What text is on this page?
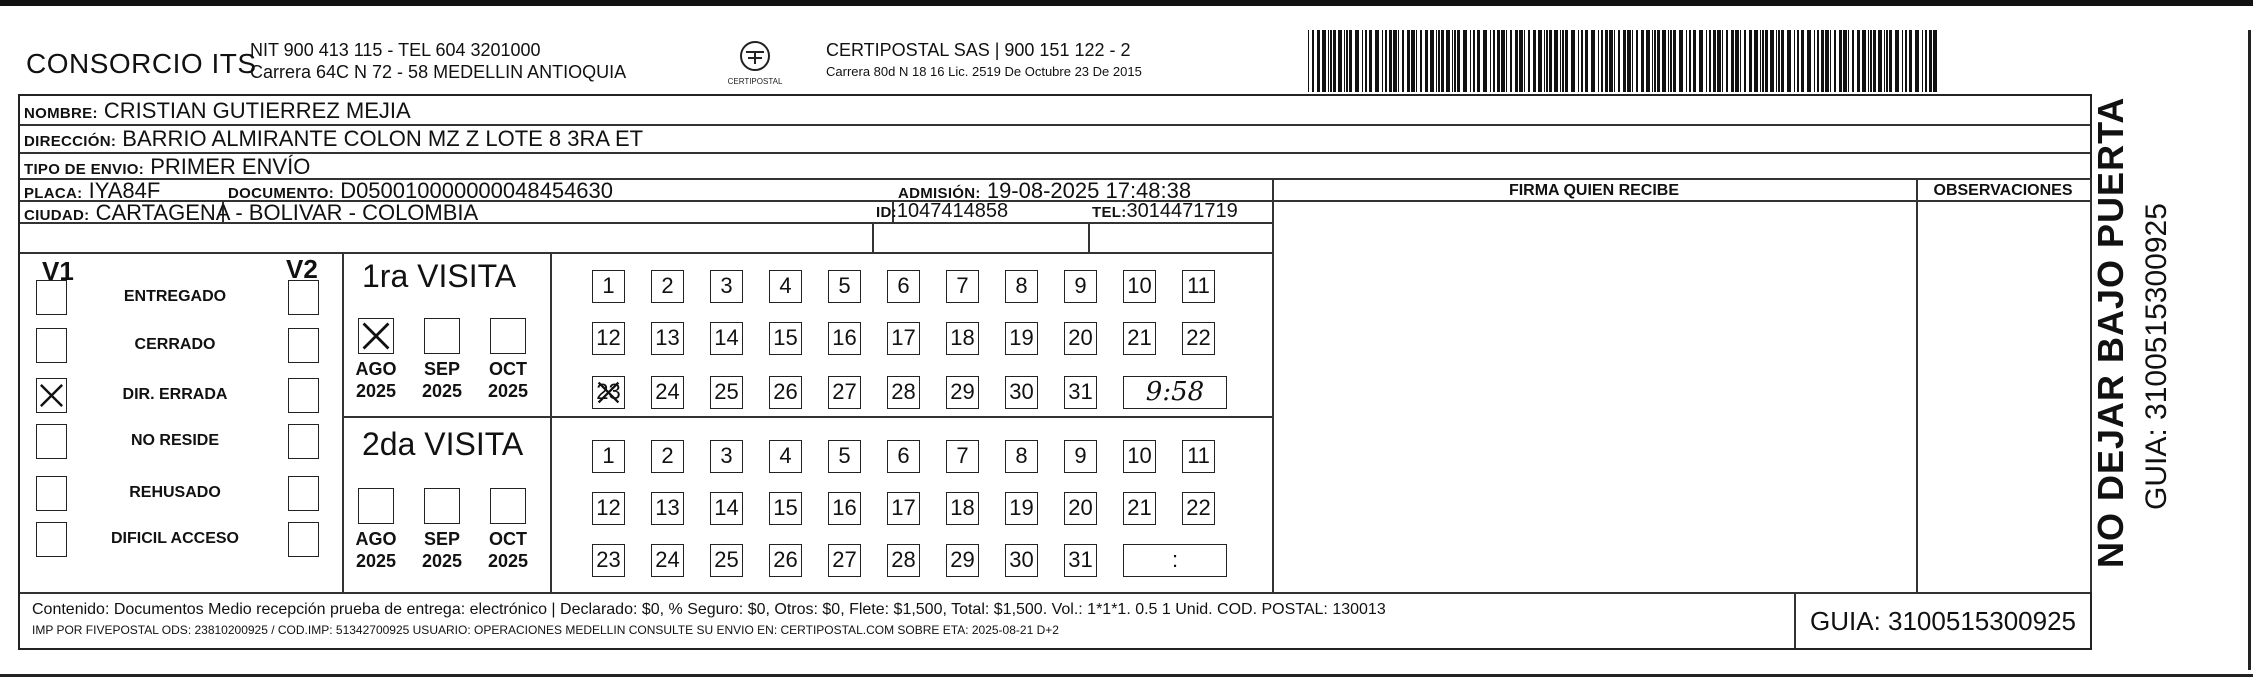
CONSORCIO ITS
NIT 900 413 115 - TEL 604 3201000
Carrera 64C N 72 - 58 MEDELLIN ANTIOQUIA	CERTIPOSTAL
CERTIPOSTAL SAS | 900 151 122 - 2
Carrera 80d N 18 16 Lic. 2519 De Octubre 23 De 2015
NOMBRE: CRISTIAN GUTIERREZ MEJIA
DIRECCIÓN: BARRIO ALMIRANTE COLON MZ Z LOTE 8 3RA ET
TIPO DE ENVIO: PRIMER ENVÍO
PLACA: IYA84F	DOCUMENTO: D050010000000048454630	ADMISIÓN: 19-08-2025 17:48:38
CIUDAD: CARTAGENA - BOLIVAR - COLOMBIA	ID:1047414858	TEL:3014471719
FIRMA QUIEN RECIBE	OBSERVACIONES
V1	V2
ENTREGADO
CERRADO
DIR. ERRADA
NO RESIDE
REHUSADO
DIFICIL ACCESO
1ra VISITA
AGO
2025
SEP
2025
OCT
2025
1	2	3	4	5	6	7	8	9	10 11
12 13 14 15 16 17 18 19 20 21 22
23 24 25 26 27 28 29 30 31	9:58
2da VISITA
AGO
2025
SEP
2025
OCT
2025
1	2	3	4	5	6	7	8	9	10 11
12 13 14 15 16 17 18 19 20 21 22
23 24 25 26 27 28 29 30 31	:
Contenido: Documentos Medio recepción prueba de entrega: electrónico | Declarado: $0, % Seguro: $0, Otros: $0, Flete: $1,500, Total: $1,500. Vol.: 1*1*1. 0.5 1 Unid. COD. POSTAL: 130013
IMP POR FIVEPOSTAL ODS: 23810200925 / COD.IMP: 51342700925 USUARIO: OPERACIONES MEDELLIN CONSULTE SU ENVIO EN: CERTIPOSTAL.COM SOBRE ETA: 2025-08-21 D+2	GUIA: 3100515300925
NO DEJAR BAJO PUERTA GUIA: 3100515300925
